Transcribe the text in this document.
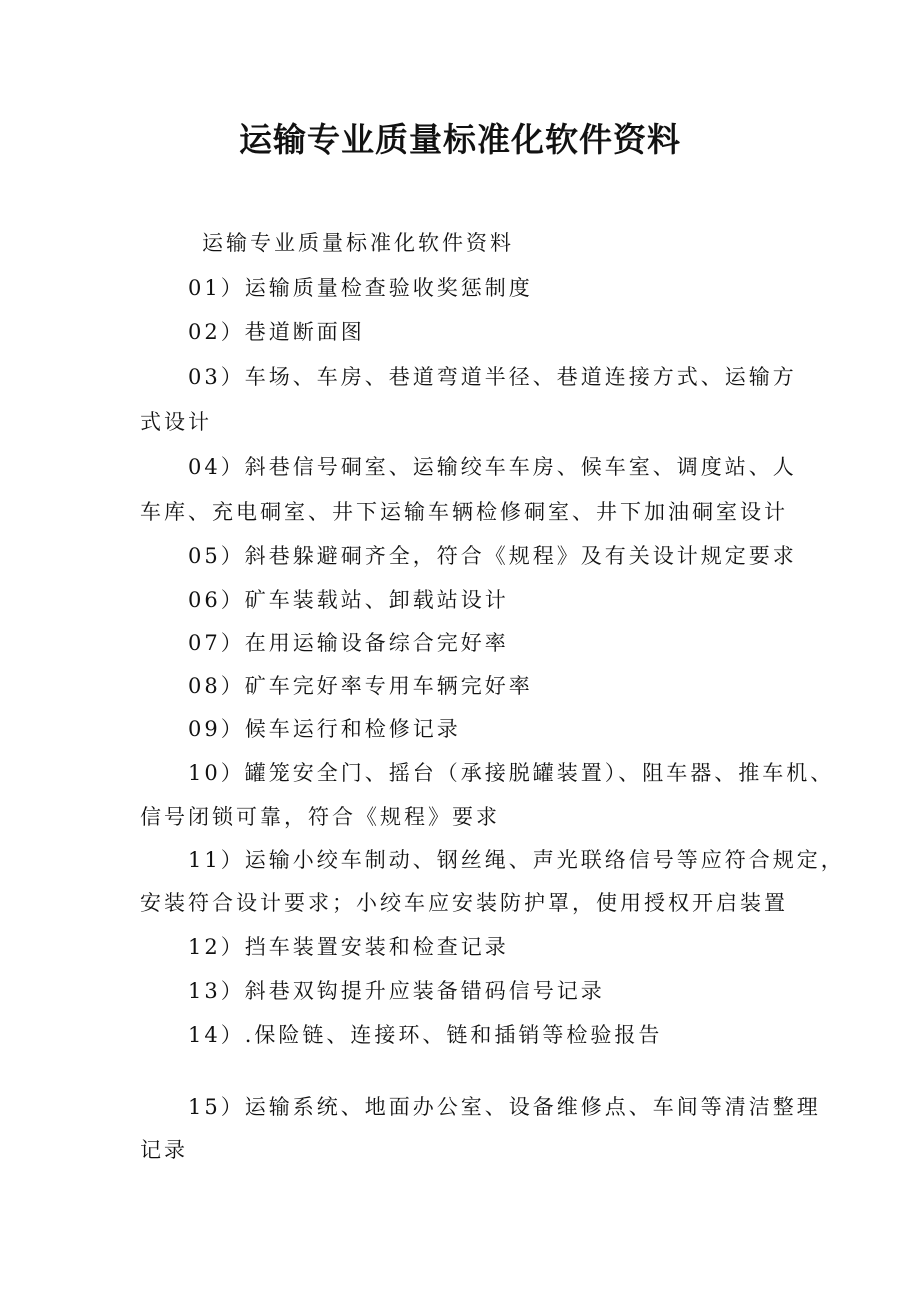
运输专业质量标准化软件资料
运输专业质量标准化软件资料
01）运输质量检查验收奖惩制度
02）巷道断面图
03）车场、车房、巷道弯道半径、巷道连接方式、运输方
式设计
04）斜巷信号硐室、运输绞车车房、候车室、调度站、人
车库、充电硐室、井下运输车辆检修硐室、井下加油硐室设计
05）斜巷躲避硐齐全，符合《规程》及有关设计规定要求
06）矿车装载站、卸载站设计
07）在用运输设备综合完好率
08）矿车完好率专用车辆完好率
09）候车运行和检修记录
10）罐笼安全门、摇台（承接脱罐装置）、阻车器、推车机、
信号闭锁可靠，符合《规程》要求
11）运输小绞车制动、钢丝绳、声光联络信号等应符合规定，
安装符合设计要求；小绞车应安装防护罩，使用授权开启装置
12）挡车装置安装和检查记录
13）斜巷双钩提升应装备错码信号记录
14）.保险链、连接环、链和插销等检验报告
15）运输系统、地面办公室、设备维修点、车间等清洁整理
记录
